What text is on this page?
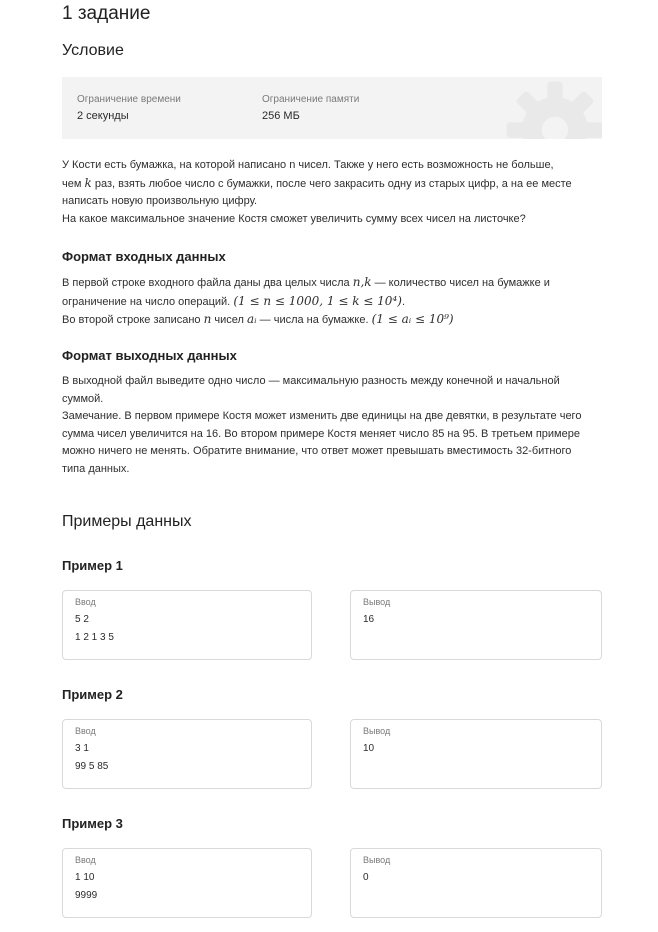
1 задание
Условие
Ограничение времени
2 секунды
Ограничение памяти
256 МБ

У Кости есть бумажка, на которой написано n чисел. Также у него есть возможность не больше,

чем k раз, взять любое число с бумажки, после чего закрасить одну из старых цифр, а на ее месте

написать новую произвольную цифру.

На какое максимальное значение Костя сможет увеличить сумму всех чисел на листочке?

Формат входных данных

В первой строке входного файла даны два целых числа n,k — количество чисел на бумажке и

ограничение на число операций. (1 ≤ n ≤ 1000, 1 ≤ k ≤ 10⁴).

Во второй строке записано n чисел aᵢ — числа на бумажке. (1 ≤ aᵢ ≤ 10⁹)

Формат выходных данных

В выходной файл выведите одно число — максимальную разность между конечной и начальной

суммой.

Замечание. В первом примере Костя может изменить две единицы на две девятки, в результате чего

сумма чисел увеличится на 16. Во втором примере Костя меняет число 85 на 95. В третьем примере

можно ничего не менять. Обратите внимание, что ответ может превышать вместимость 32-битного

типа данных.

Примеры данных
Пример 1
Ввод
5 2
1 2 1 3 5
Вывод
16
Пример 2
Ввод
3 1
99 5 85
Вывод
10
Пример 3
Ввод
1 10
9999
Вывод
0
